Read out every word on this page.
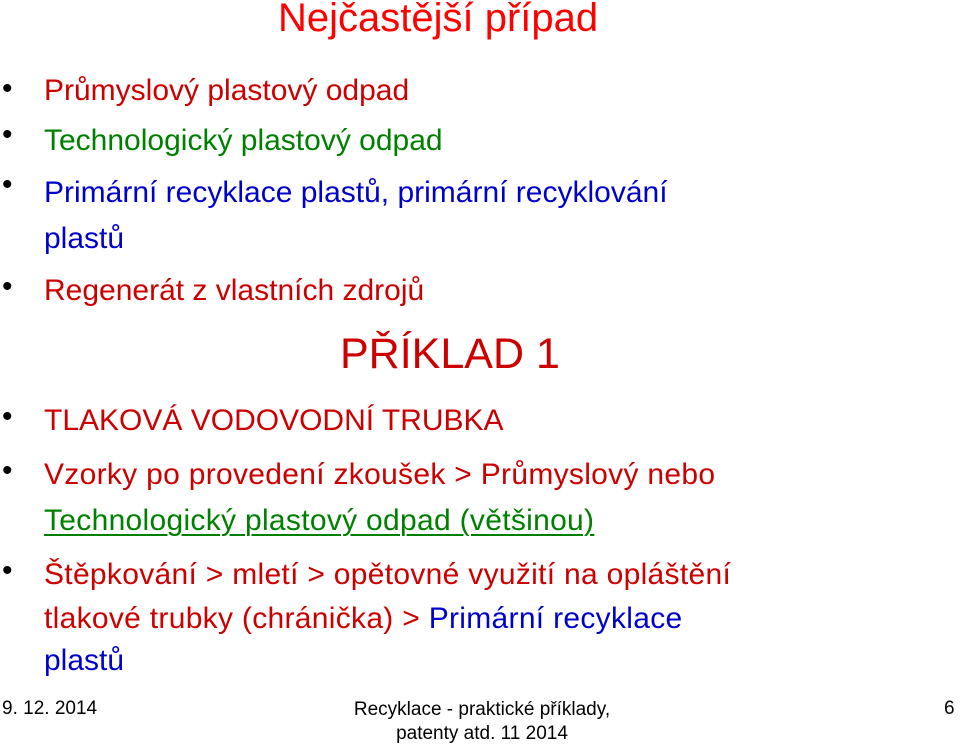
Nejčastější případ
• Průmyslový plastový odpad
• Technologický plastový odpad
• Primární recyklace plastů, primární recyklování
plastů
• Regenerát z vlastních zdrojů
PŘÍKLAD 1
• TLAKOVÁ VODOVODNÍ TRUBKA
• Vzorky po provedení zkoušek > Průmyslový nebo
Technologický plastový odpad (většinou)
• Štěpkování > mletí > opětovné využití na opláštění
tlakové trubky (chránička) > Primární recyklace
plastů
9. 12. 2014	Recyklace - praktické příklady,
patenty atd. 11 2014
6
